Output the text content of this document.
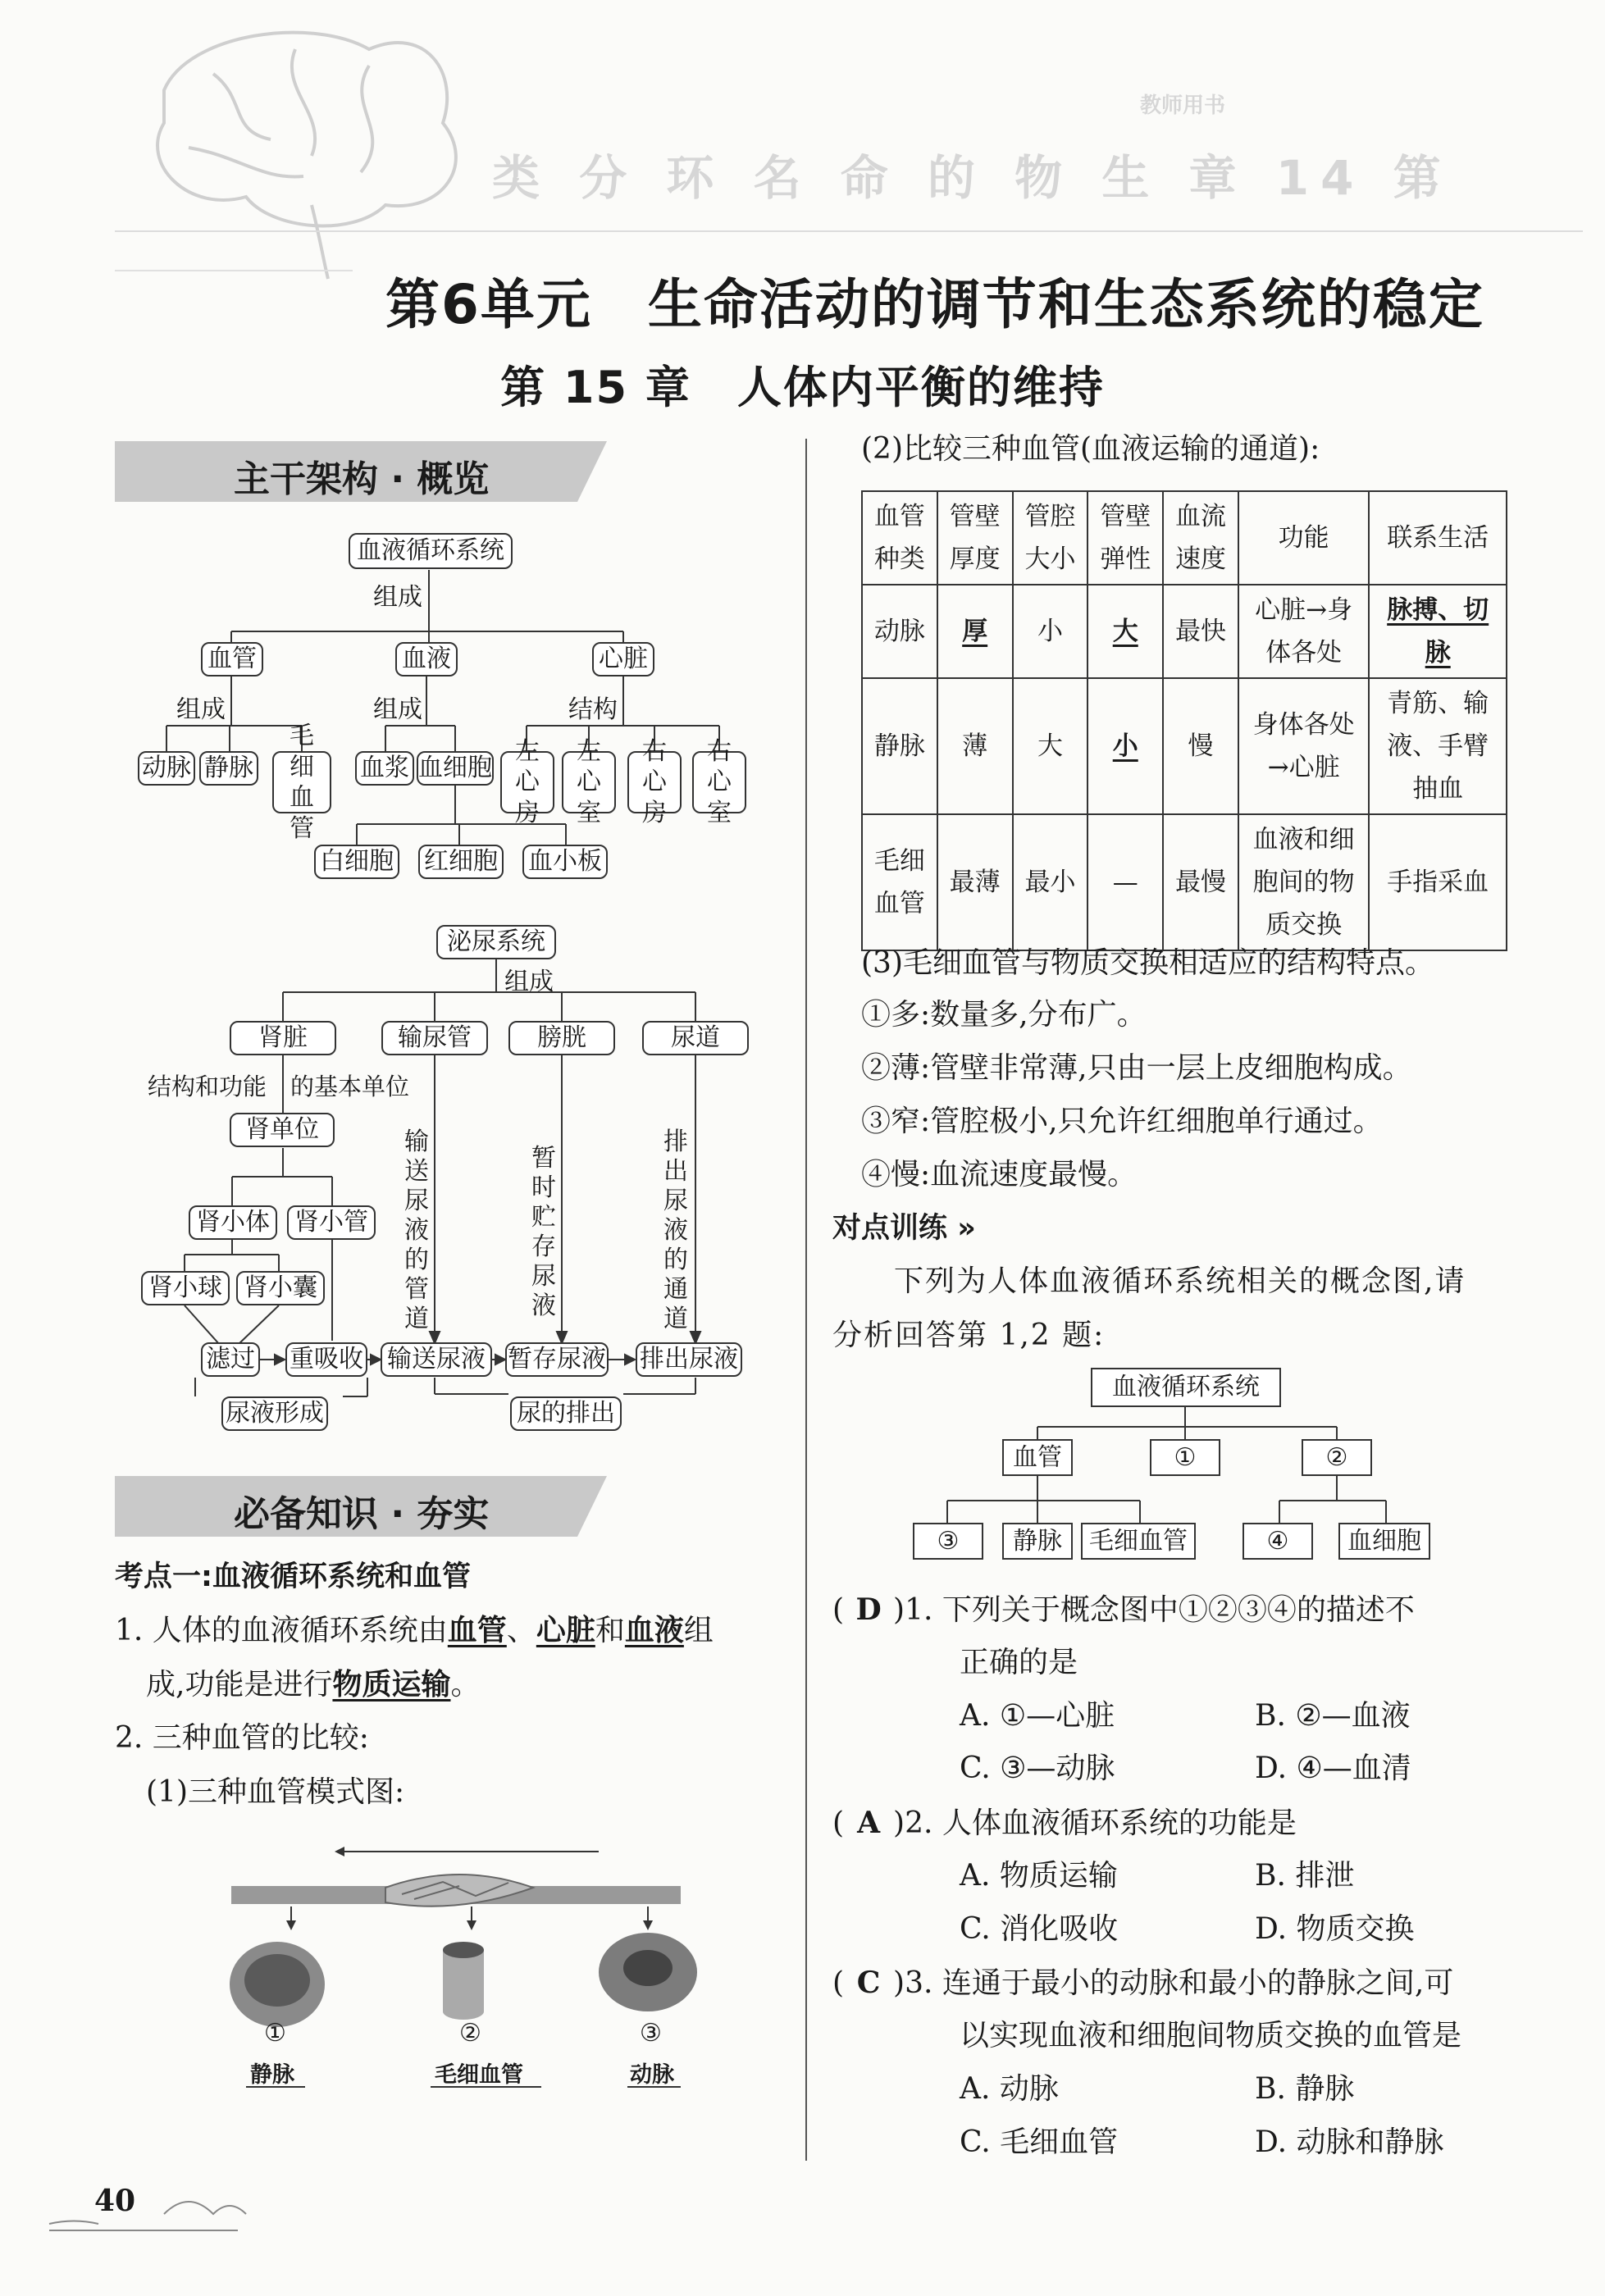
类 分 环 名 命 的 物 生 章 14 第
教师用书
第6单元　生命活动的调节和生态系统的稳定
第 15 章　人体内平衡的维持
主干架构 · 概览
血液循环系统
组成
血管	血液	心脏
组成	组成	结构
动脉 静脉
毛细血管
血浆 血细胞
左心房
左心室
右心房
右心室
白细胞 红细胞 血小板
泌尿系统
组成
肾脏	输尿管	膀胱	尿道
结构和功能　的基本单位
肾单位
肾小体	肾小管
肾小球 肾小囊
输送尿液的管道
暂时贮存尿液
排出尿液的通道
滤过 重吸收 输送尿液 暂存尿液 排出尿液
尿液形成	尿的排出
必备知识 · 夯实
考点一:血液循环系统和血管
1. 人体的血液循环系统由血管、心脏和血液组
成,功能是进行物质运输。
2. 三种血管的比较:
(1)三种血管模式图:
①	②	③
静脉	毛细血管	动脉
40
(2)比较三种血管(血液运输的通道):
血管种类	管壁厚度	管腔大小	管壁弹性	血流速度	功能	联系生活
动脉	厚	小	大	最快	心脏→身体各处	脉搏、切脉
静脉	薄	大	小	慢	身体各处→心脏	青筋、输液、手臂抽血
毛细血管	最薄	最小	—	最慢	血液和细胞间的物质交换	手指采血
(3)毛细血管与物质交换相适应的结构特点。
①多:数量多,分布广。
②薄:管壁非常薄,只由一层上皮细胞构成。
③窄:管腔极小,只允许红细胞单行通过。
④慢:血流速度最慢。
对点训练 »
下列为人体血液循环系统相关的概念图,请
分析回答第 1,2 题:
血液循环系统
血管	①	②
③	静脉	毛细血管	④	血细胞
( D )1. 下列关于概念图中①②③④的描述不
正确的是
A. ①—心脏	B. ②—血液
C. ③—动脉	D. ④—血清
( A )2. 人体血液循环系统的功能是
A. 物质运输	B. 排泄
C. 消化吸收	D. 物质交换
( C )3. 连通于最小的动脉和最小的静脉之间,可
以实现血液和细胞间物质交换的血管是
A. 动脉	B. 静脉
C. 毛细血管	D. 动脉和静脉
